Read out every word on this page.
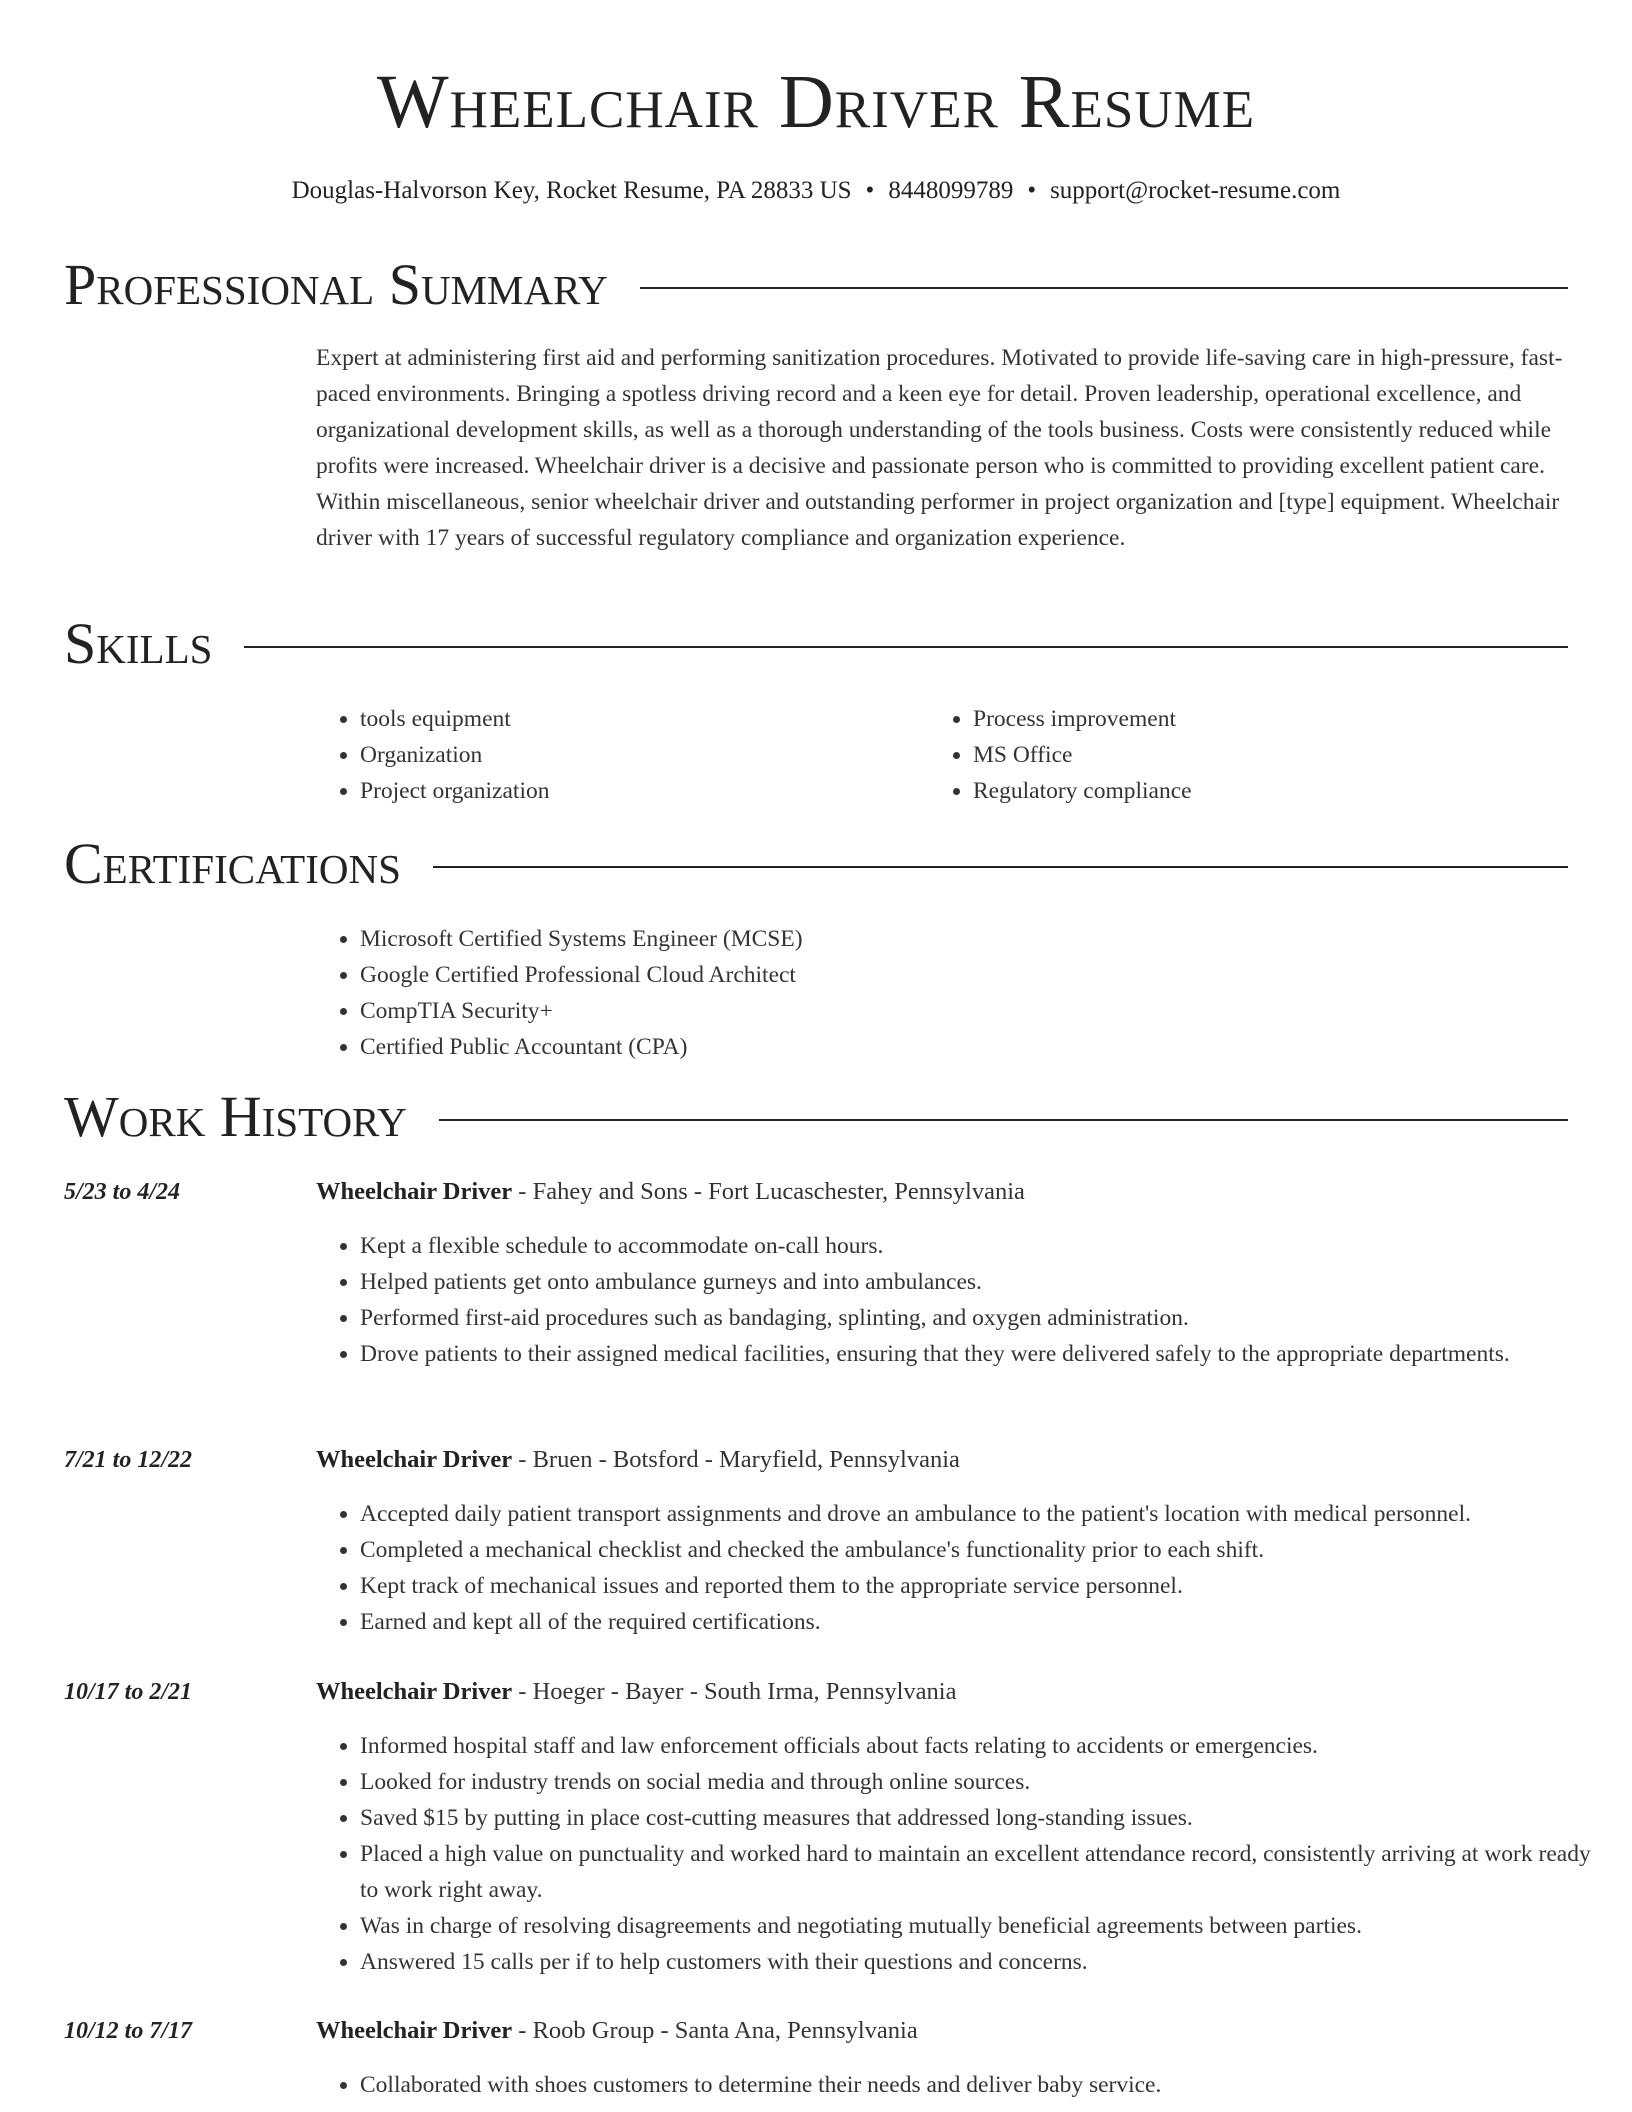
Wheelchair Driver Resume
Douglas-Halvorson Key, Rocket Resume, PA 28833 US • 8448099789 • support@rocket-resume.com
Professional Summary
Expert at administering first aid and performing sanitization procedures. Motivated to provide life-saving care in high-pressure, fast-paced environments. Bringing a spotless driving record and a keen eye for detail. Proven leadership, operational excellence, and organizational development skills, as well as a thorough understanding of the tools business. Costs were consistently reduced while profits were increased. Wheelchair driver is a decisive and passionate person who is committed to providing excellent patient care. Within miscellaneous, senior wheelchair driver and outstanding performer in project organization and [type] equipment. Wheelchair driver with 17 years of successful regulatory compliance and organization experience.
Skills
• tools equipment
• Organization
• Project organization
• Process improvement
• MS Office
• Regulatory compliance
Certifications
• Microsoft Certified Systems Engineer (MCSE)
• Google Certified Professional Cloud Architect
• CompTIA Security+
• Certified Public Accountant (CPA)
Work History
5/23 to 4/24	Wheelchair Driver - Fahey and Sons - Fort Lucaschester, Pennsylvania
• Kept a flexible schedule to accommodate on-call hours.
• Helped patients get onto ambulance gurneys and into ambulances.
• Performed first-aid procedures such as bandaging, splinting, and oxygen administration.
• Drove patients to their assigned medical facilities, ensuring that they were delivered safely to the appropriate departments.
7/21 to 12/22	Wheelchair Driver - Bruen - Botsford - Maryfield, Pennsylvania
• Accepted daily patient transport assignments and drove an ambulance to the patient's location with medical personnel.
• Completed a mechanical checklist and checked the ambulance's functionality prior to each shift.
• Kept track of mechanical issues and reported them to the appropriate service personnel.
• Earned and kept all of the required certifications.
10/17 to 2/21	Wheelchair Driver - Hoeger - Bayer - South Irma, Pennsylvania
• Informed hospital staff and law enforcement officials about facts relating to accidents or emergencies.
• Looked for industry trends on social media and through online sources.
• Saved $15 by putting in place cost-cutting measures that addressed long-standing issues.
• Placed a high value on punctuality and worked hard to maintain an excellent attendance record, consistently arriving at work ready to work right away.
• Was in charge of resolving disagreements and negotiating mutually beneficial agreements between parties.
• Answered 15 calls per if to help customers with their questions and concerns.
10/12 to 7/17	Wheelchair Driver - Roob Group - Santa Ana, Pennsylvania
• Collaborated with shoes customers to determine their needs and deliver baby service.
